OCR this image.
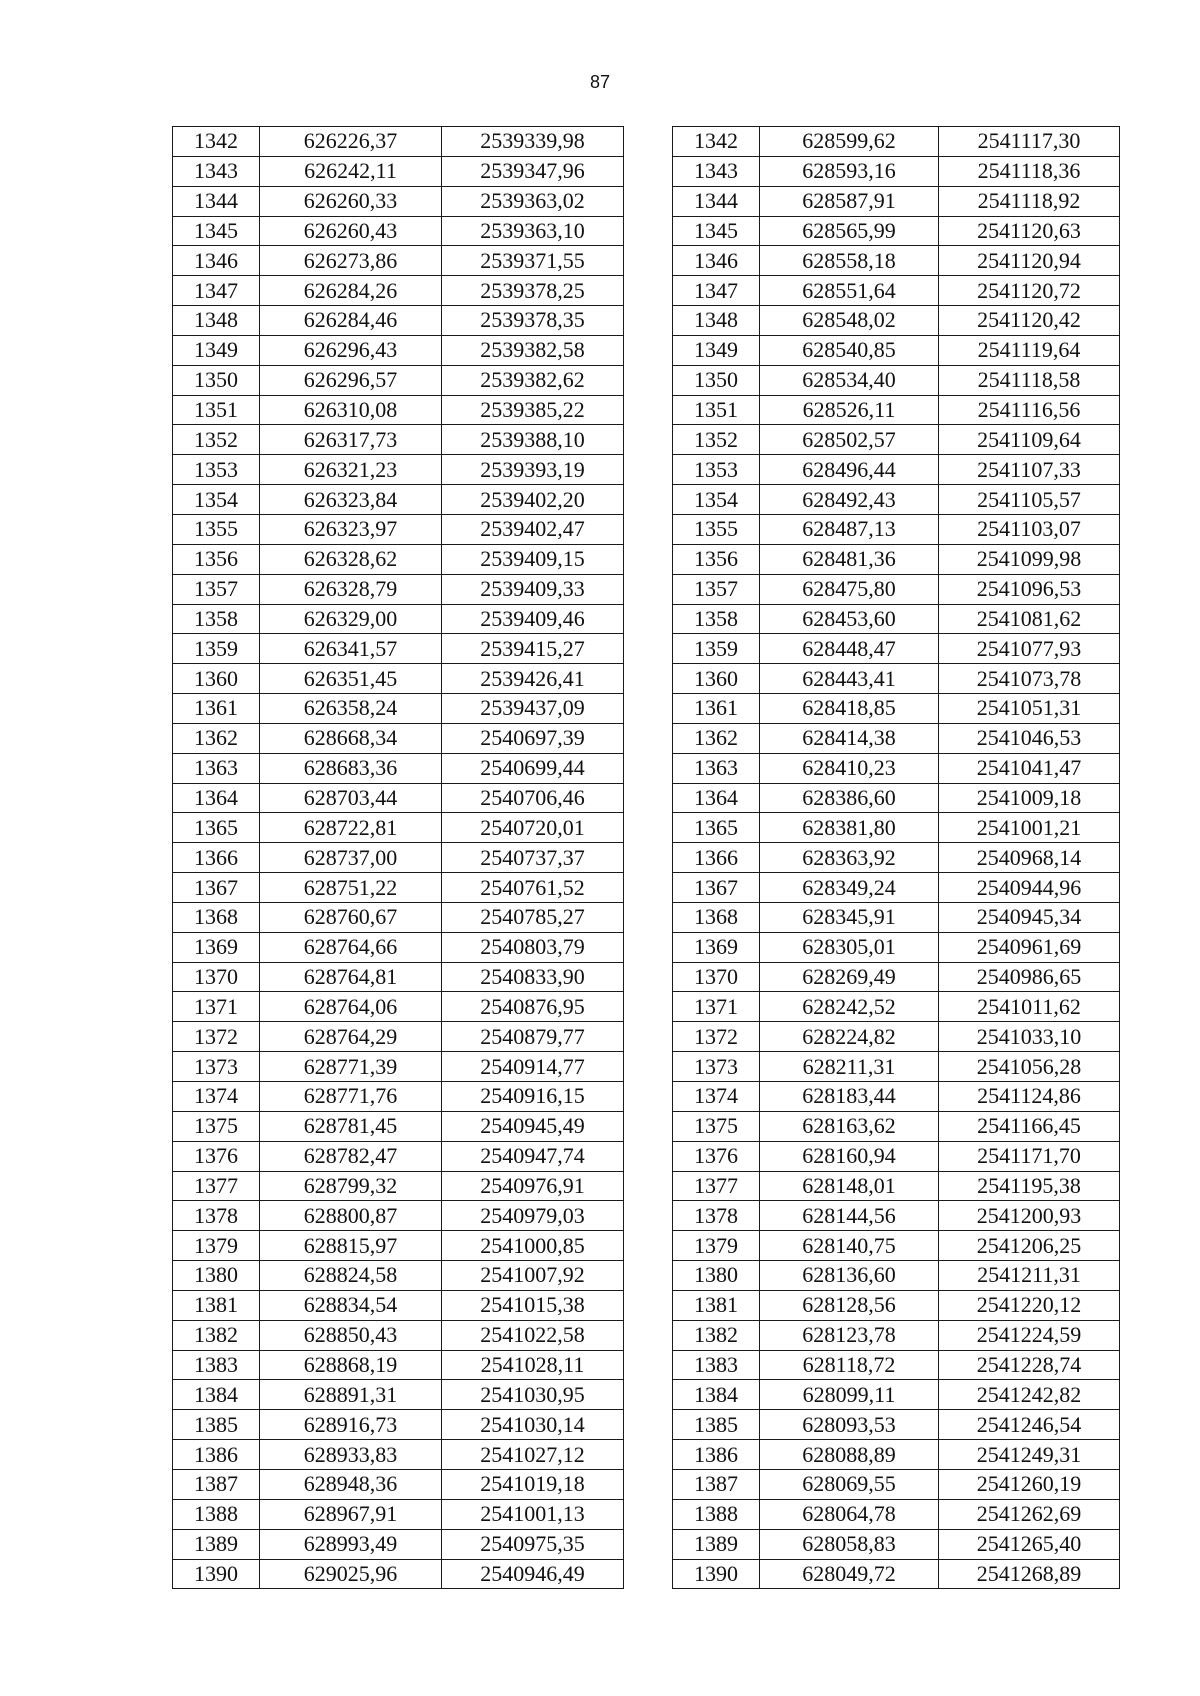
87
1342	626226,37	2539339,98		1342	628599,62	2541117,30
1343	626242,11	2539347,96		1343	628593,16	2541118,36
1344	626260,33	2539363,02		1344	628587,91	2541118,92
1345	626260,43	2539363,10		1345	628565,99	2541120,63
1346	626273,86	2539371,55		1346	628558,18	2541120,94
1347	626284,26	2539378,25		1347	628551,64	2541120,72
1348	626284,46	2539378,35		1348	628548,02	2541120,42
1349	626296,43	2539382,58		1349	628540,85	2541119,64
1350	626296,57	2539382,62		1350	628534,40	2541118,58
1351	626310,08	2539385,22		1351	628526,11	2541116,56
1352	626317,73	2539388,10		1352	628502,57	2541109,64
1353	626321,23	2539393,19		1353	628496,44	2541107,33
1354	626323,84	2539402,20		1354	628492,43	2541105,57
1355	626323,97	2539402,47		1355	628487,13	2541103,07
1356	626328,62	2539409,15		1356	628481,36	2541099,98
1357	626328,79	2539409,33		1357	628475,80	2541096,53
1358	626329,00	2539409,46		1358	628453,60	2541081,62
1359	626341,57	2539415,27		1359	628448,47	2541077,93
1360	626351,45	2539426,41		1360	628443,41	2541073,78
1361	626358,24	2539437,09		1361	628418,85	2541051,31
1362	628668,34	2540697,39		1362	628414,38	2541046,53
1363	628683,36	2540699,44		1363	628410,23	2541041,47
1364	628703,44	2540706,46		1364	628386,60	2541009,18
1365	628722,81	2540720,01		1365	628381,80	2541001,21
1366	628737,00	2540737,37		1366	628363,92	2540968,14
1367	628751,22	2540761,52		1367	628349,24	2540944,96
1368	628760,67	2540785,27		1368	628345,91	2540945,34
1369	628764,66	2540803,79		1369	628305,01	2540961,69
1370	628764,81	2540833,90		1370	628269,49	2540986,65
1371	628764,06	2540876,95		1371	628242,52	2541011,62
1372	628764,29	2540879,77		1372	628224,82	2541033,10
1373	628771,39	2540914,77		1373	628211,31	2541056,28
1374	628771,76	2540916,15		1374	628183,44	2541124,86
1375	628781,45	2540945,49		1375	628163,62	2541166,45
1376	628782,47	2540947,74		1376	628160,94	2541171,70
1377	628799,32	2540976,91		1377	628148,01	2541195,38
1378	628800,87	2540979,03		1378	628144,56	2541200,93
1379	628815,97	2541000,85		1379	628140,75	2541206,25
1380	628824,58	2541007,92		1380	628136,60	2541211,31
1381	628834,54	2541015,38		1381	628128,56	2541220,12
1382	628850,43	2541022,58		1382	628123,78	2541224,59
1383	628868,19	2541028,11		1383	628118,72	2541228,74
1384	628891,31	2541030,95		1384	628099,11	2541242,82
1385	628916,73	2541030,14		1385	628093,53	2541246,54
1386	628933,83	2541027,12		1386	628088,89	2541249,31
1387	628948,36	2541019,18		1387	628069,55	2541260,19
1388	628967,91	2541001,13		1388	628064,78	2541262,69
1389	628993,49	2540975,35		1389	628058,83	2541265,40
1390	629025,96	2540946,49		1390	628049,72	2541268,89
